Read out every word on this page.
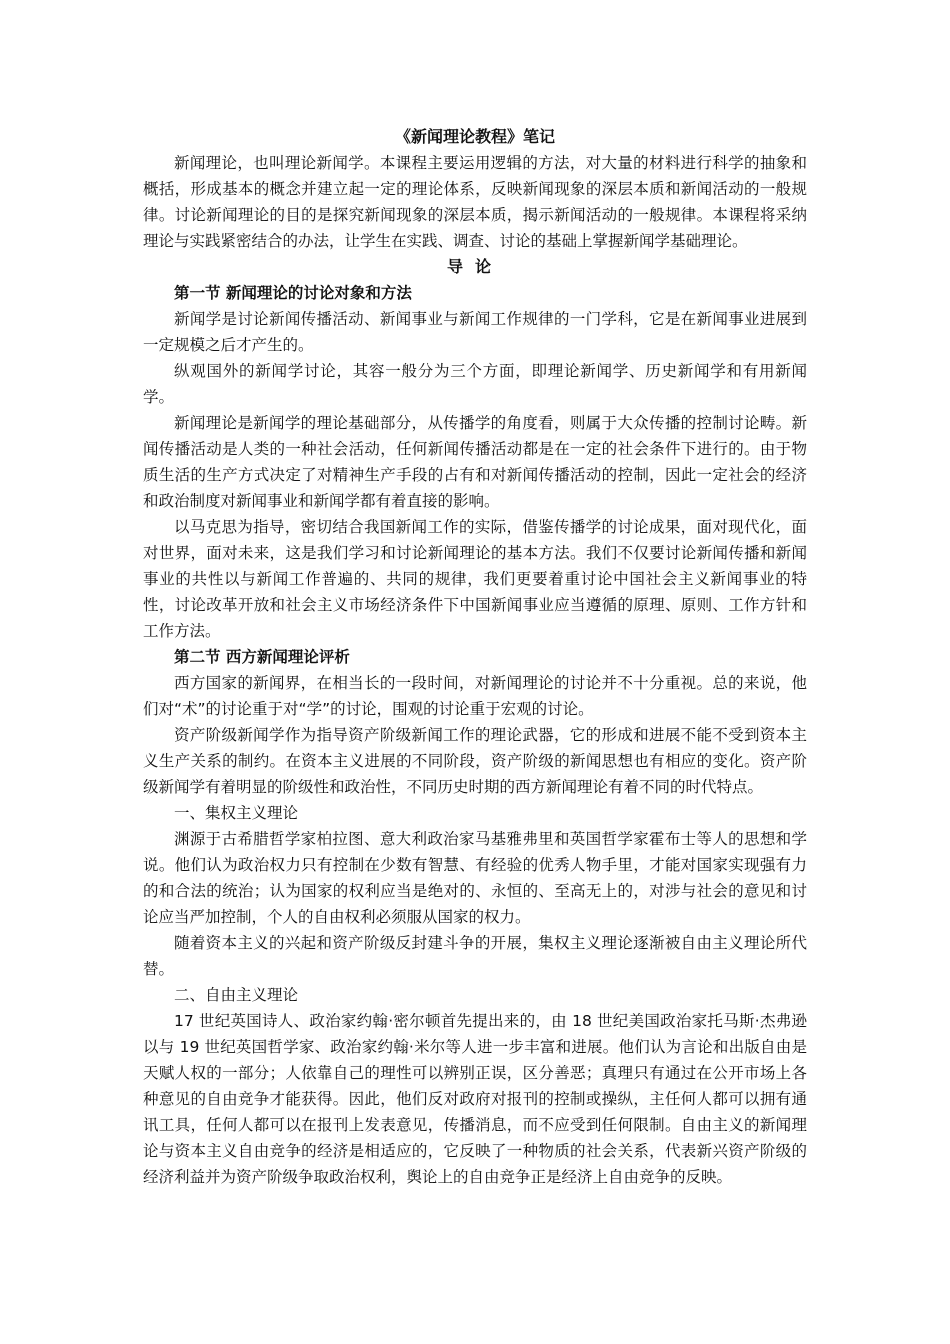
《新闻理论教程》笔记

新闻理论，也叫理论新闻学。本课程主要运用逻辑的方法，对大量的材料进行科学的抽象和概括，形成基本的概念并建立起一定的理论体系，反映新闻现象的深层本质和新闻活动的一般规律。讨论新闻理论的目的是探究新闻现象的深层本质，揭示新闻活动的一般规律。本课程将采纳理论与实践紧密结合的办法，让学生在实践、调查、讨论的基础上掌握新闻学基础理论。

导论

第一节 新闻理论的讨论对象和方法

新闻学是讨论新闻传播活动、新闻事业与新闻工作规律的一门学科，它是在新闻事业进展到一定规模之后才产生的。

纵观国外的新闻学讨论，其容一般分为三个方面，即理论新闻学、历史新闻学和有用新闻学。

新闻理论是新闻学的理论基础部分，从传播学的角度看，则属于大众传播的控制讨论畴。新闻传播活动是人类的一种社会活动，任何新闻传播活动都是在一定的社会条件下进行的。由于物质生活的生产方式决定了对精神生产手段的占有和对新闻传播活动的控制，因此一定社会的经济和政治制度对新闻事业和新闻学都有着直接的影响。

以马克思为指导，密切结合我国新闻工作的实际，借鉴传播学的讨论成果，面对现代化，面对世界，面对未来，这是我们学习和讨论新闻理论的基本方法。我们不仅要讨论新闻传播和新闻事业的共性以与新闻工作普遍的、共同的规律，我们更要着重讨论中国社会主义新闻事业的特性，讨论改革开放和社会主义市场经济条件下中国新闻事业应当遵循的原理、原则、工作方针和工作方法。

第二节 西方新闻理论评析

西方国家的新闻界，在相当长的一段时间，对新闻理论的讨论并不十分重视。总的来说，他们对“术”的讨论重于对“学”的讨论，围观的讨论重于宏观的讨论。

资产阶级新闻学作为指导资产阶级新闻工作的理论武器，它的形成和进展不能不受到资本主义生产关系的制约。在资本主义进展的不同阶段，资产阶级的新闻思想也有相应的变化。资产阶级新闻学有着明显的阶级性和政治性，不同历史时期的西方新闻理论有着不同的时代特点。

一、集权主义理论

渊源于古希腊哲学家柏拉图、意大利政治家马基雅弗里和英国哲学家霍布士等人的思想和学说。他们认为政治权力只有控制在少数有智慧、有经验的优秀人物手里，才能对国家实现强有力的和合法的统治；认为国家的权利应当是绝对的、永恒的、至高无上的，对涉与社会的意见和讨论应当严加控制，个人的自由权利必须服从国家的权力。

随着资本主义的兴起和资产阶级反封建斗争的开展，集权主义理论逐渐被自由主义理论所代替。

二、自由主义理论

17 世纪英国诗人、政治家约翰·密尔顿首先提出来的，由 18 世纪美国政治家托马斯·杰弗逊以与 19 世纪英国哲学家、政治家约翰·米尔等人进一步丰富和进展。他们认为言论和出版自由是天赋人权的一部分；人依靠自己的理性可以辨别正误，区分善恶；真理只有通过在公开市场上各种意见的自由竞争才能获得。因此，他们反对政府对报刊的控制或操纵，主任何人都可以拥有通讯工具，任何人都可以在报刊上发表意见，传播消息，而不应受到任何限制。自由主义的新闻理论与资本主义自由竞争的经济是相适应的，它反映了一种物质的社会关系，代表新兴资产阶级的经济利益并为资产阶级争取政治权利，舆论上的自由竞争正是经济上自由竞争的反映。
